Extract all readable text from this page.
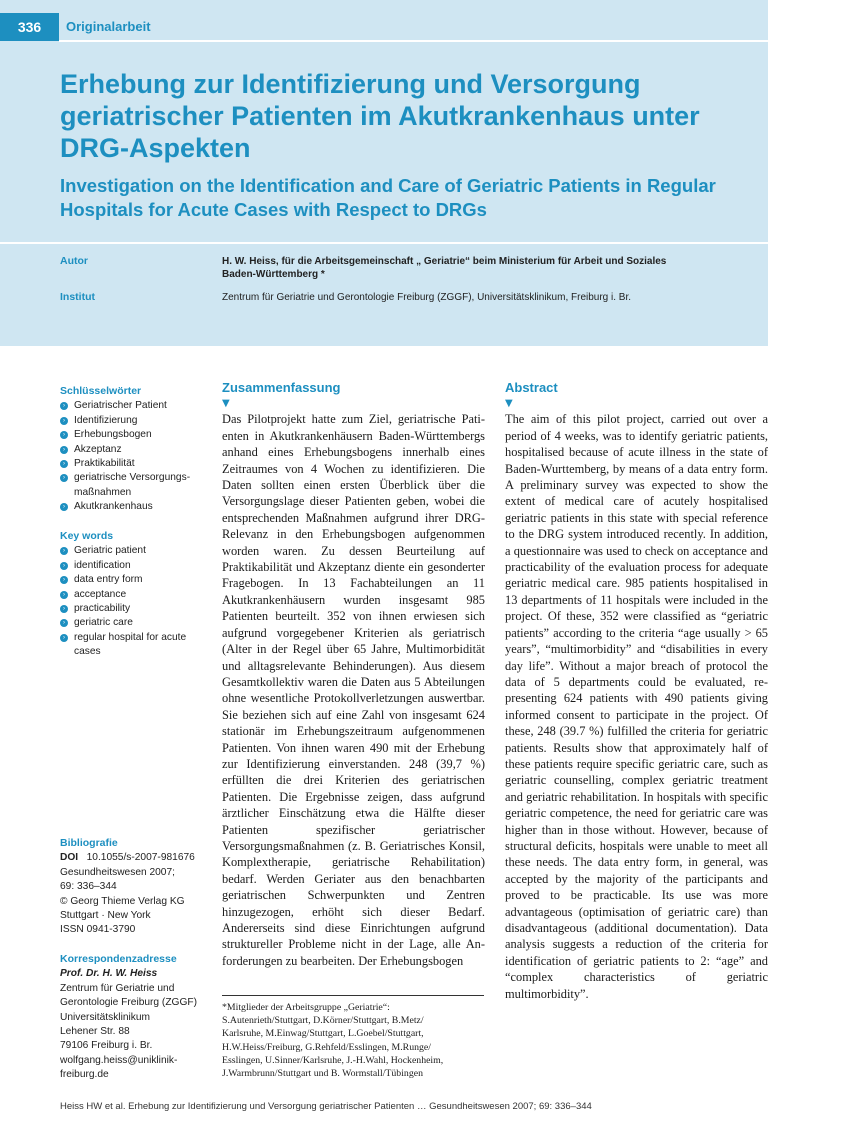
336	Originalarbeit
Erhebung zur Identifizierung und Versorgung geriatrischer Patienten im Akutkrankenhaus unter DRG-Aspekten
Investigation on the Identification and Care of Geriatric Patients in Regular Hospitals for Acute Cases with Respect to DRGs
Autor	H. W. Heiss, für die Arbeitsgemeinschaft „ Geriatrie“ beim Ministerium für Arbeit und Soziales
Baden-Württemberg *
Institut	Zentrum für Geriatrie und Gerontologie Freiburg (ZGGF), Universitätsklinikum, Freiburg i. Br.
Schlüsselwörter
› Geriatrischer Patient
› Identifizierung
› Erhebungsbogen
› Akzeptanz
› Praktikabilität
› geriatrische Versorgungsmaßnahmen
› Akutkrankenhaus
Key words
› Geriatric patient
› identification
› data entry form
› acceptance
› practicability
› geriatric care
› regular hospital for acute cases
Bibliografie
DOI 10.1055/s-2007-981676
Gesundheitswesen 2007;
69: 336–344
© Georg Thieme Verlag KG
Stuttgart · New York
ISSN 0941-3790
Korrespondenzadresse
Prof. Dr. H. W. Heiss
Zentrum für Geriatrie und
Gerontologie Freiburg (ZGGF)
Universitätsklinikum
Lehener Str. 88
79106 Freiburg i. Br.
wolfgang.heiss@uniklinik-
freiburg.de
Zusammenfassung
▼

Das Pilotprojekt hatte zum Ziel, geriatrische Patienten in Akutkrankenhäusern Baden-Württembergs anhand eines Erhebungsbogens innerhalb eines Zeitraumes von 4 Wochen zu identifizieren. Die Daten sollten einen ersten Überblick über die Versorgungslage dieser Patienten geben, wobei die entsprechenden Maßnahmen aufgrund ihrer DRG-Relevanz in den Erhebungsbogen aufgenommen worden waren. Zu dessen Beurteilung auf Praktikabilität und Akzeptanz diente ein gesonderter Fragebogen. In 13 Fachabteilungen an 11 Akutkrankenhäusern wurden insgesamt 985 Patienten beurteilt. 352 von ihnen erwiesen sich aufgrund vorgegebener Kriterien als geriatrisch (Alter in der Regel über 65 Jahre, Multimorbidität und alltagsrelevante Behinderungen). Aus diesem Gesamtkollektiv waren die Daten aus 5 Abteilungen ohne wesentliche Protokollverletzungen auswertbar. Sie beziehen sich auf eine Zahl von insgesamt 624 stationär im Erhebungszeitraum aufgenommenen Patienten. Von ihnen waren 490 mit der Erhebung zur Identifizierung einverstanden. 248 (39,7 %) erfüllten die drei Kriterien des geriatrischen Patienten. Die Ergebnisse zeigen, dass aufgrund ärztlicher Einschätzung etwa die Hälfte dieser Patienten spezifischer geriatrischer Versorgungsmaßnahmen (z. B. Geriatrisches Konsil, Komplextherapie, geriatrische Rehabilitation) bedarf. Werden Geriater aus den benachbarten geriatrischen Schwerpunkten und Zentren hinzugezogen, erhöht sich dieser Bedarf. Andererseits sind diese Einrichtungen aufgrund struktureller Probleme nicht in der Lage, alle Anforderungen zu bearbeiten. Der Erhebungsbogen

Abstract
▼

The aim of this pilot project, carried out over a period of 4 weeks, was to identify geriatric patients, hospitalised because of acute illness in the state of Baden-Wurttemberg, by means of a data entry form. A preliminary survey was expected to show the extent of medical care of acutely hospitalised geriatric patients in this state with special reference to the DRG system introduced recently. In addition, a questionnaire was used to check on acceptance and practicability of the evaluation process for adequate geriatric medical care. 985 patients hospitalised in 13 departments of 11 hospitals were included in the project. Of these, 352 were classified as “geriatric patients” according to the criteria “age usually > 65 years”, “multimorbidity” and “disabilities in every day life”. Without a major breach of protocol the data of 5 departments could be evaluated, representing 624 patients with 490 patients giving informed consent to participate in the project. Of these, 248 (39.7 %) fulfilled the criteria for geriatric patients. Results show that approximately half of these patients require specific geriatric care, such as geriatric counselling, complex geriatric treatment and geriatric rehabilitation. In hospitals with specific geriatric competence, the need for geriatric care was higher than in those without. However, because of structural deficits, hospitals were unable to meet all these needs. The data entry form, in general, was accepted by the majority of the participants and proved to be practicable. Its use was more advantageous (optimisation of geriatric care) than disadvantageous (additional documentation). Data analysis suggests a reduction of the criteria for identification of geriatric patients to 2: “age” and “complex characteristics of geriatric multimorbidity”.

*Mitglieder der Arbeitsgruppe „Geriatrie“:
S.Autenrieth/Stuttgart, D.Körner/Stuttgart, B.Metz/
Karlsruhe, M.Einwag/Stuttgart, L.Goebel/Stuttgart,
H.W.Heiss/Freiburg, G.Rehfeld/Esslingen, M.Runge/
Esslingen, U.Sinner/Karlsruhe, J.-H.Wahl, Hockenheim,
J.Warmbrunn/Stuttgart und B. Wormstall/Tübingen
Heiss HW et al. Erhebung zur Identifizierung und Versorgung geriatrischer Patienten … Gesundheitswesen 2007; 69: 336–344
